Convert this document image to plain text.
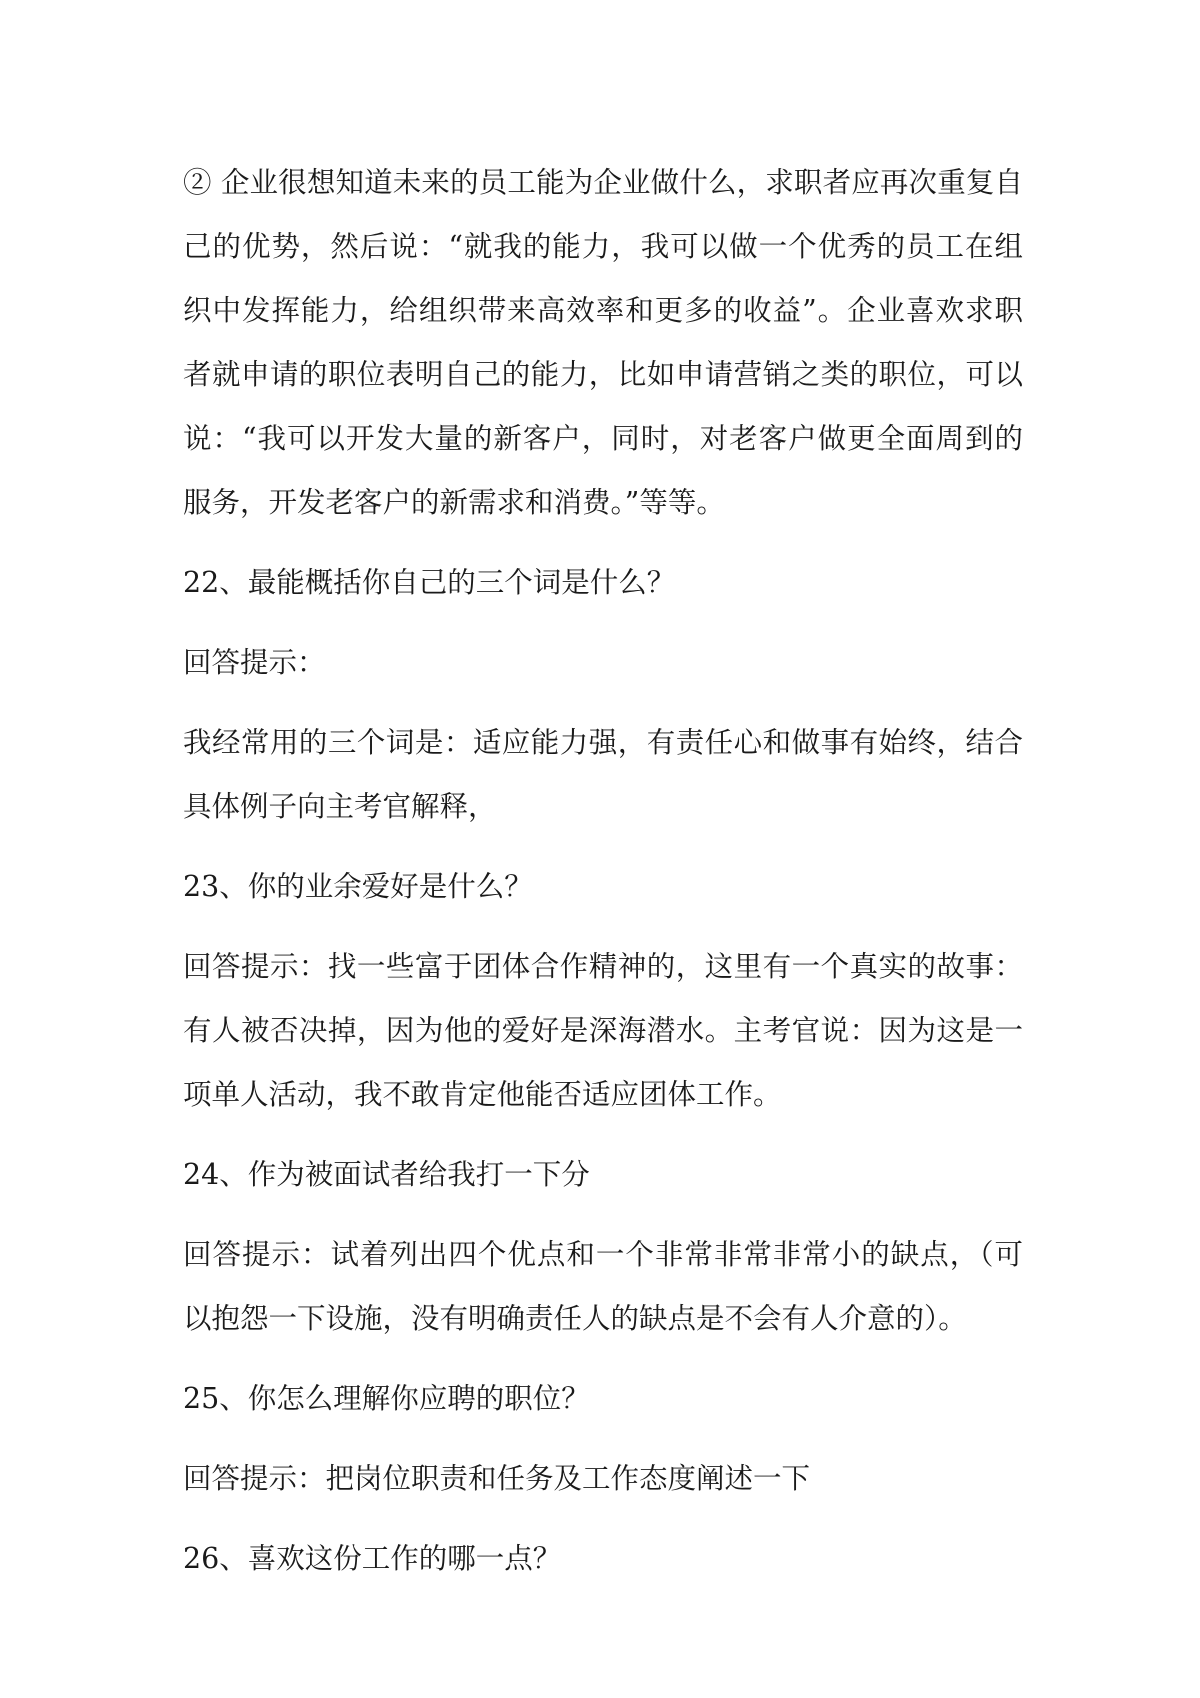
② 企业很想知道未来的员工能为企业做什么，求职者应再次重复自己的优势，然后说：“就我的能力，我可以做一个优秀的员工在组织中发挥能力，给组织带来高效率和更多的收益”。企业喜欢求职者就申请的职位表明自己的能力，比如申请营销之类的职位，可以说：“我可以开发大量的新客户，同时，对老客户做更全面周到的服务，开发老客户的新需求和消费。”等等。

22、最能概括你自己的三个词是什么？

回答提示：

我经常用的三个词是：适应能力强，有责任心和做事有始终，结合具体例子向主考官解释，

23、你的业余爱好是什么？

回答提示：找一些富于团体合作精神的，这里有一个真实的故事：有人被否决掉，因为他的爱好是深海潜水。主考官说：因为这是一项单人活动，我不敢肯定他能否适应团体工作。

24、作为被面试者给我打一下分

回答提示：试着列出四个优点和一个非常非常非常小的缺点，（可以抱怨一下设施，没有明确责任人的缺点是不会有人介意的）。

25、你怎么理解你应聘的职位？

回答提示：把岗位职责和任务及工作态度阐述一下

26、喜欢这份工作的哪一点？
